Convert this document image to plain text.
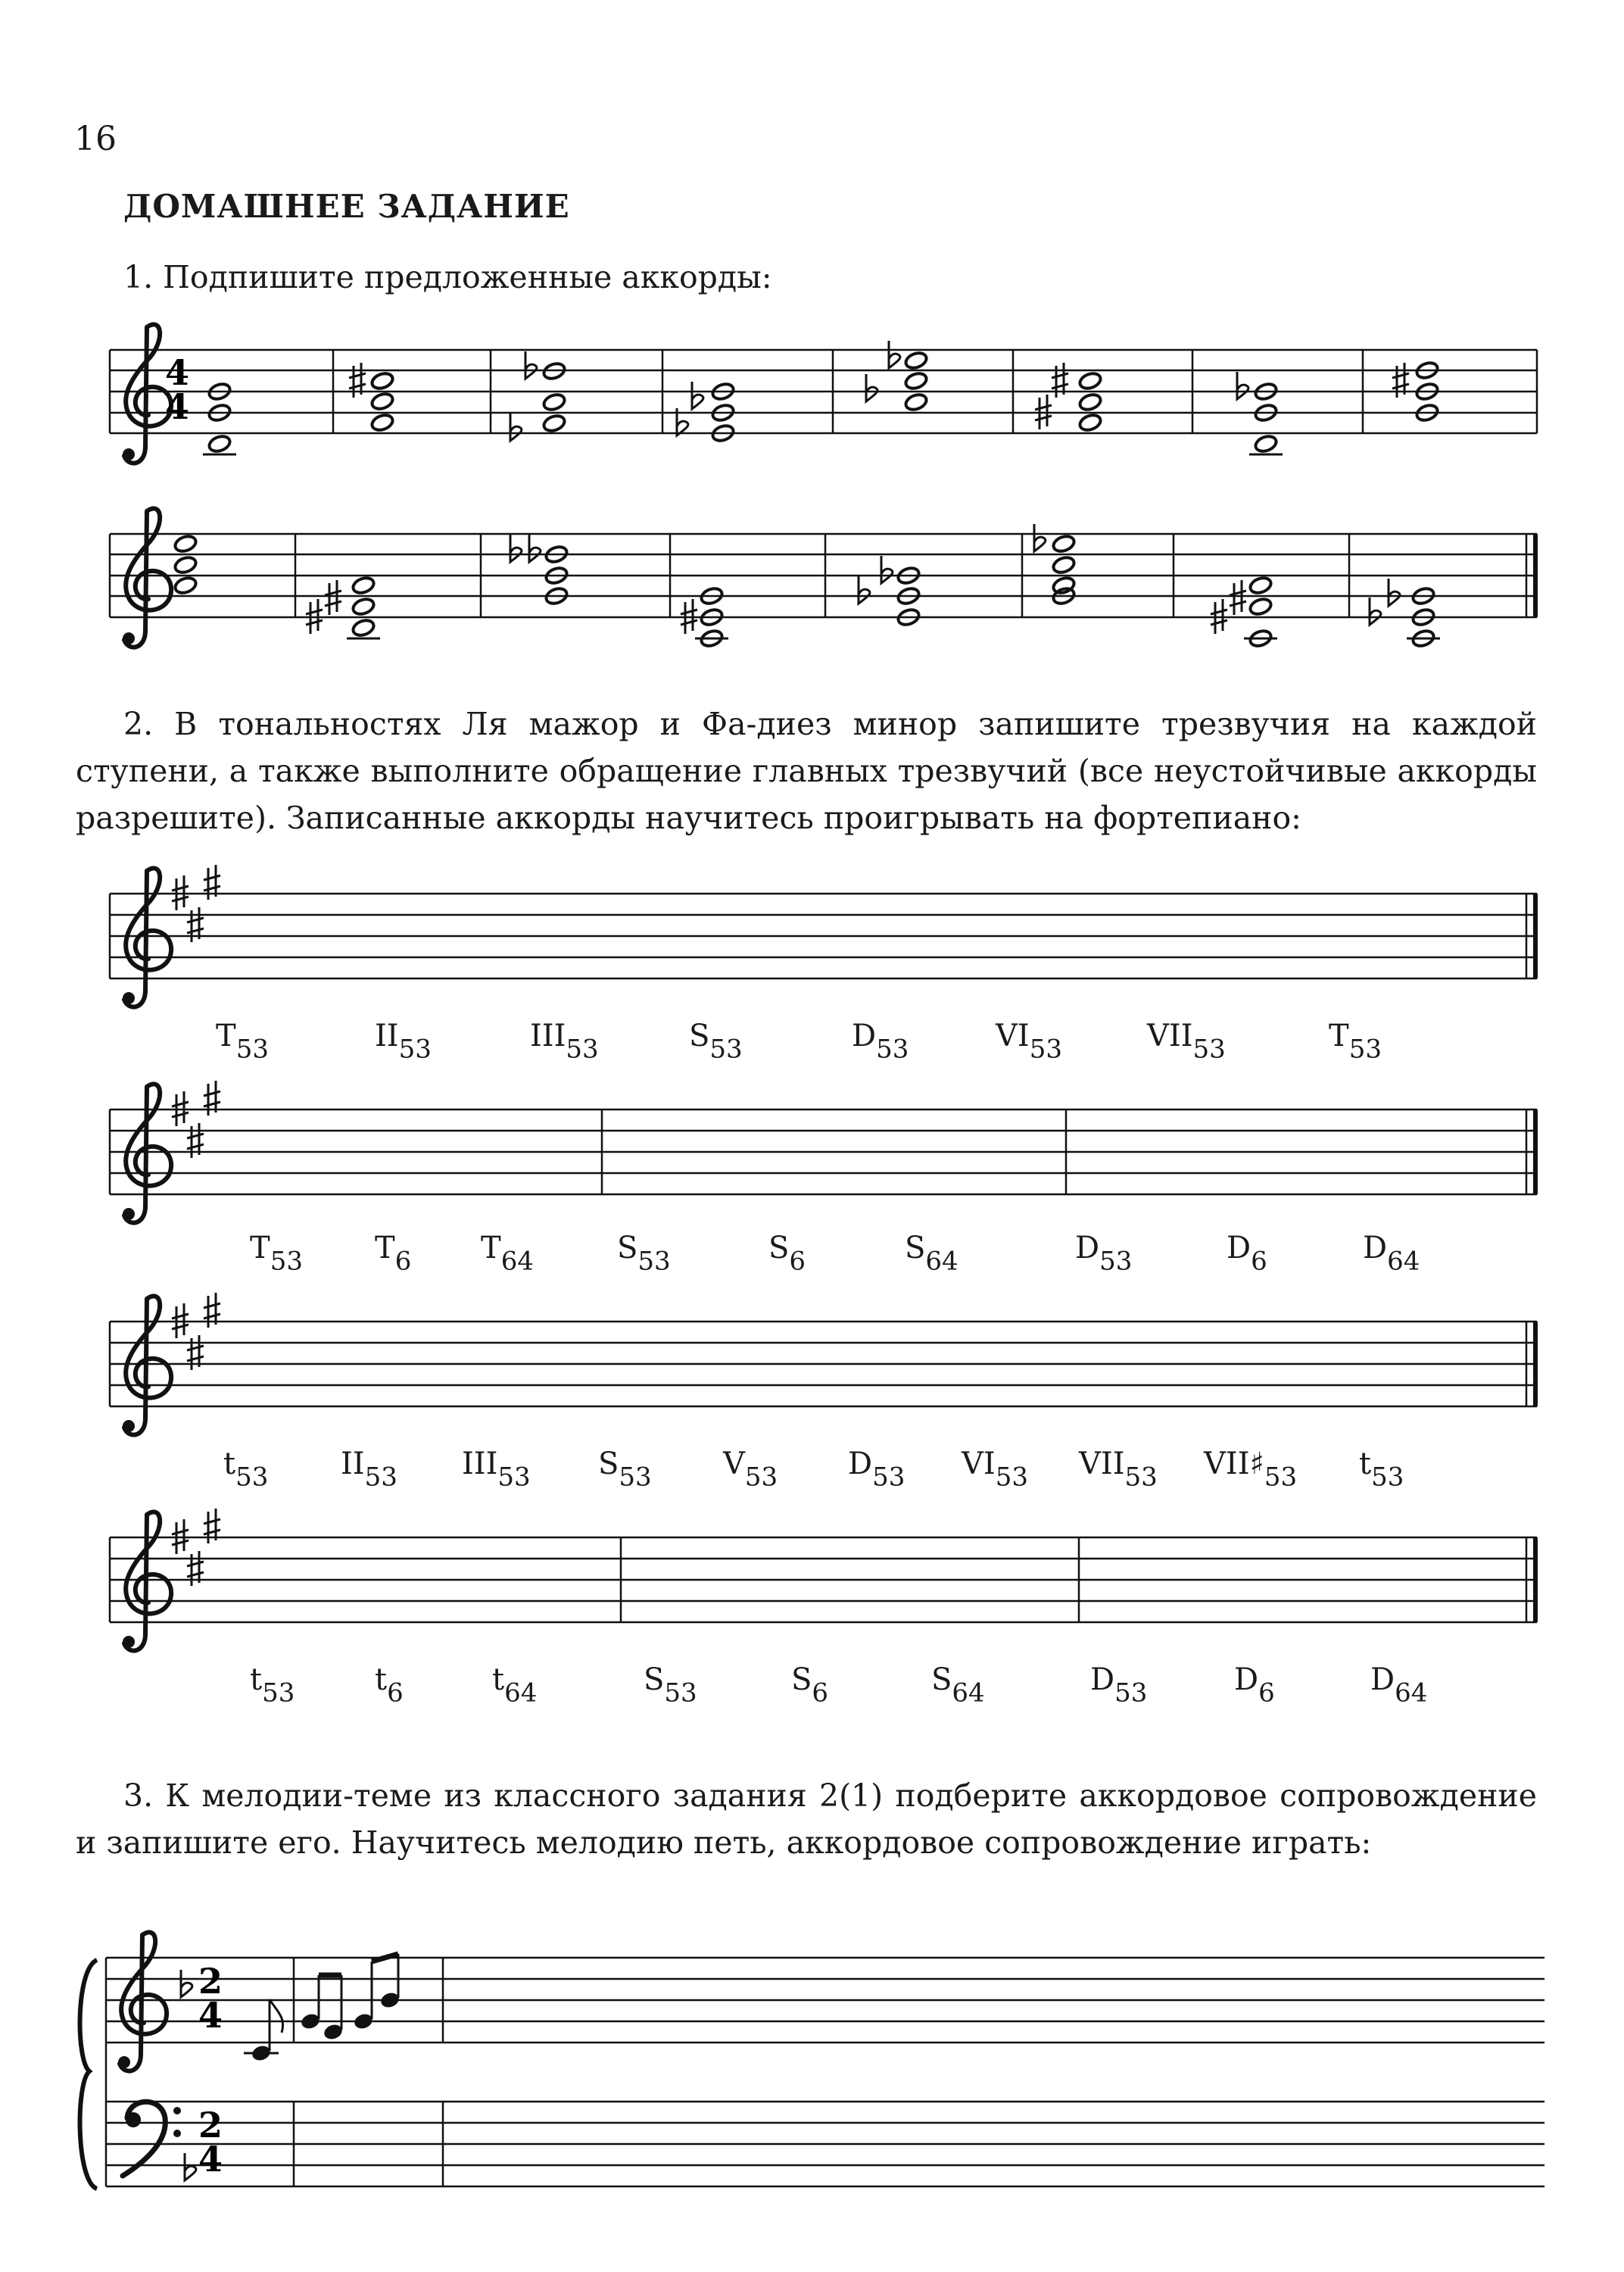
16
ДОМАШНЕЕ ЗАДАНИЕ
1. Подпишите предложенные аккорды:
2. В тональностях Ля мажор и Фа-диез минор запишите трезвучия на каждой ступени, а также выполните обращение главных трезвучий (все неустойчивые аккорды разрешите). Записанные аккорды научитесь проигрывать на фортепиано:
3. К мелодии-теме из классного задания 2(1) подберите аккордовое сопровождение и запишите его. Научитесь мелодию петь, аккордовое сопровождение играть:
4
4
2
4
2
4
$T_{53}$	$II_{53}$	$III_{53}$	$S_{53}$	$D_{53}$	$VI_{53}$	$VII_{53}$	$T_{53}$
$T_{53}$ $T_6$ $T_{64}$	$S_{53}$	$S_6$	$S_{64}$	$D_{53}$	$D_6$	$D_{64}$
$t_{53}$ $II_{53}$ $III_{53}$ $S_{53}$ $V_{53}$ $D_{53}$ $VI_{53}$ $VII_{53}$ $VII♯_{53}$ $t_{53}$
$t_{53}$	$t_6$	$t_{64}$	$S_{53}$	$S_6$	$S_{64}$	$D_{53}$	$D_6$	$D_{64}$
